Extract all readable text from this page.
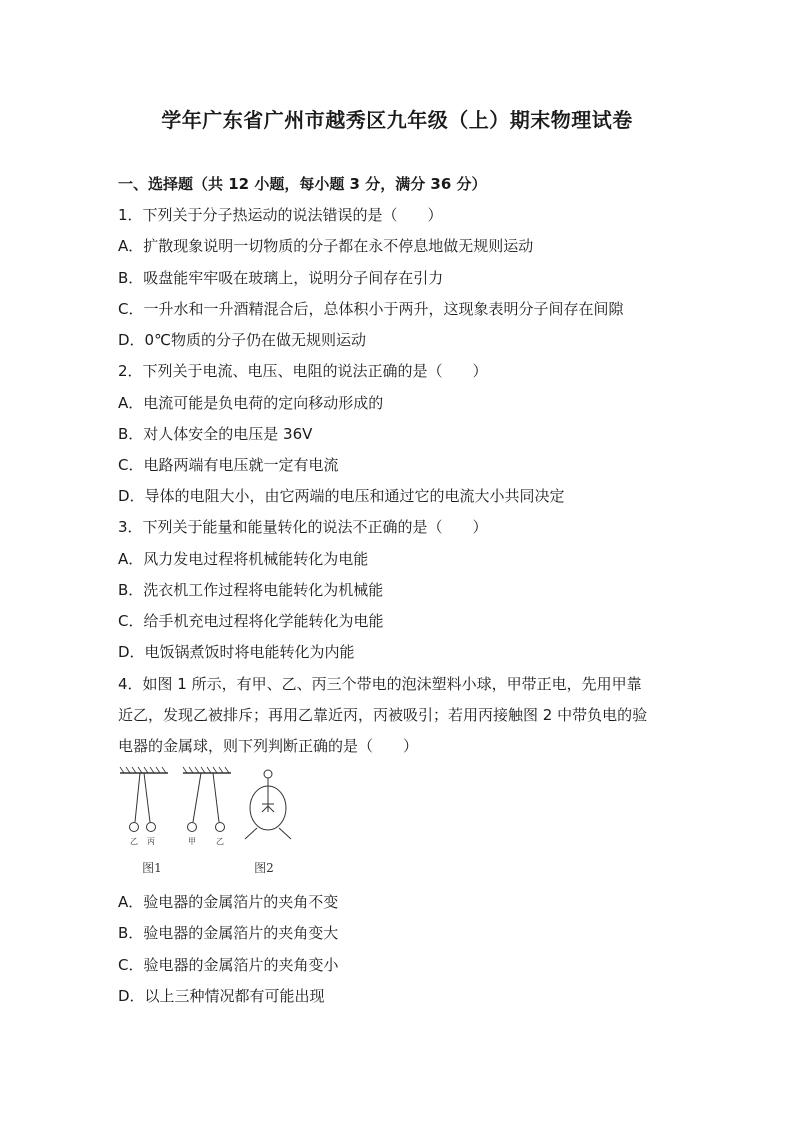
学年广东省广州市越秀区九年级（上）期末物理试卷
一、选择题（共 12 小题，每小题 3 分，满分 36 分）
1．下列关于分子热运动的说法错误的是（　　）
A．扩散现象说明一切物质的分子都在永不停息地做无规则运动
B．吸盘能牢牢吸在玻璃上，说明分子间存在引力
C．一升水和一升酒精混合后，总体积小于两升，这现象表明分子间存在间隙
D．0℃物质的分子仍在做无规则运动
2．下列关于电流、电压、电阻的说法正确的是（　　）
A．电流可能是负电荷的定向移动形成的
B．对人体安全的电压是 36V
C．电路两端有电压就一定有电流
D．导体的电阻大小，由它两端的电压和通过它的电流大小共同决定
3．下列关于能量和能量转化的说法不正确的是（　　）
A．风力发电过程将机械能转化为电能
B．洗衣机工作过程将电能转化为机械能
C．给手机充电过程将化学能转化为电能
D．电饭锅煮饭时将电能转化为内能
4．如图 1 所示，有甲、乙、丙三个带电的泡沫塑料小球，甲带正电，先用甲靠
近乙，发现乙被排斥；再用乙靠近丙，丙被吸引；若用丙接触图 2 中带负电的验
电器的金属球，则下列判断正确的是（　　）
乙 丙	甲	乙
图1	图2
A．验电器的金属箔片的夹角不变
B．验电器的金属箔片的夹角变大
C．验电器的金属箔片的夹角变小
D．以上三种情况都有可能出现
